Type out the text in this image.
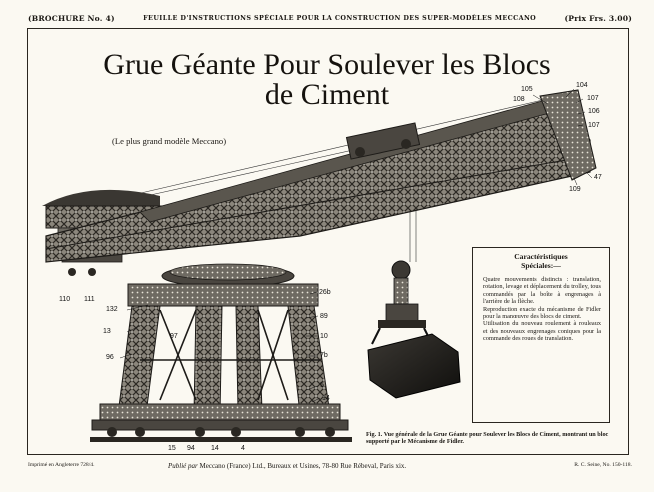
(BROCHURE No. 4)	FEUILLE D'INSTRUCTIONS SPÉCIALE POUR LA CONSTRUCTION DES SUPER-MODÈLES MECCANO	(Prix Frs. 3.00)
Grue Géante Pour Soulever les Blocs
de Ciment
(Le plus grand modèle Meccano)
105
104
108	107
106
107
47
109
110 111
132
13
97
96
26b
89
10
7b
5
14
15 94 14	4
Caractéristiques
Spéciales:—

Quatre mouvements distincts : translation, rotation, levage et déplacement du trolley, tous commandés par la boîte à engrenages à l'arrière de la flèche.

Reproduction exacte du mécanisme de Fidler pour la manœuvre des blocs de ciment.

Utilisation du nouveau roulement à rouleaux et des nouveaux engrenages coniques pour la commande des roues de translation.

Fig. 1. Vue générale de la Grue Géante pour Soulever les Blocs de Ciment, montrant un bloc supporté par le Mécanisme de Fidler.
Imprimé en Angleterre 728/4.	Publié par Meccano (France) Ltd., Bureaux et Usines, 78-80 Rue Rébeval, Paris xix.	R. C. Seine, No. 150-118.
